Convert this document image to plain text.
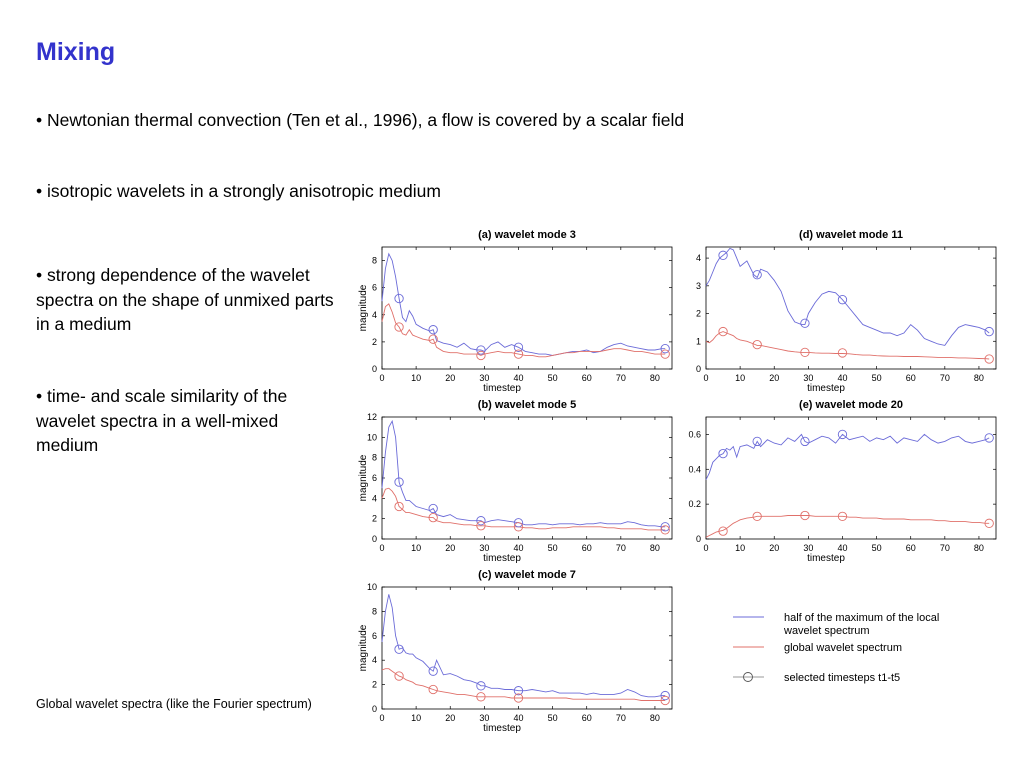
Mixing
• Newtonian thermal convection (Ten et al., 1996), a flow is covered by a scalar field
• isotropic wavelets in a strongly anisotropic medium
• strong dependence of the wavelet spectra on the shape of unmixed parts in a medium
• time- and scale similarity of the wavelet spectra in a well-mixed medium
Global wavelet spectra (like the Fourier spectrum)
(a) wavelet mode 3
0	10	20	30	40	50	60	70	80
0
2
4
6
8
timestep
magnitude
(b) wavelet mode 5
0	10	20	30	40	50	60	70	80
0
2
4
6
8
10
12
timestep
magnitude
(c) wavelet mode 7
0	10	20	30	40	50	60	70	80
0
2
4
6
8
10
timestep
magnitude
(d) wavelet mode 11
0	10	20	30	40	50	60	70	80
0
1
2
3
4
timestep
(e) wavelet mode 20
0	10	20	30	40	50	60	70	80
0
0.2
0.4
0.6
timestep
half of the maximum of the local
wavelet spectrum
global wavelet spectrum
selected timesteps t1-t5
